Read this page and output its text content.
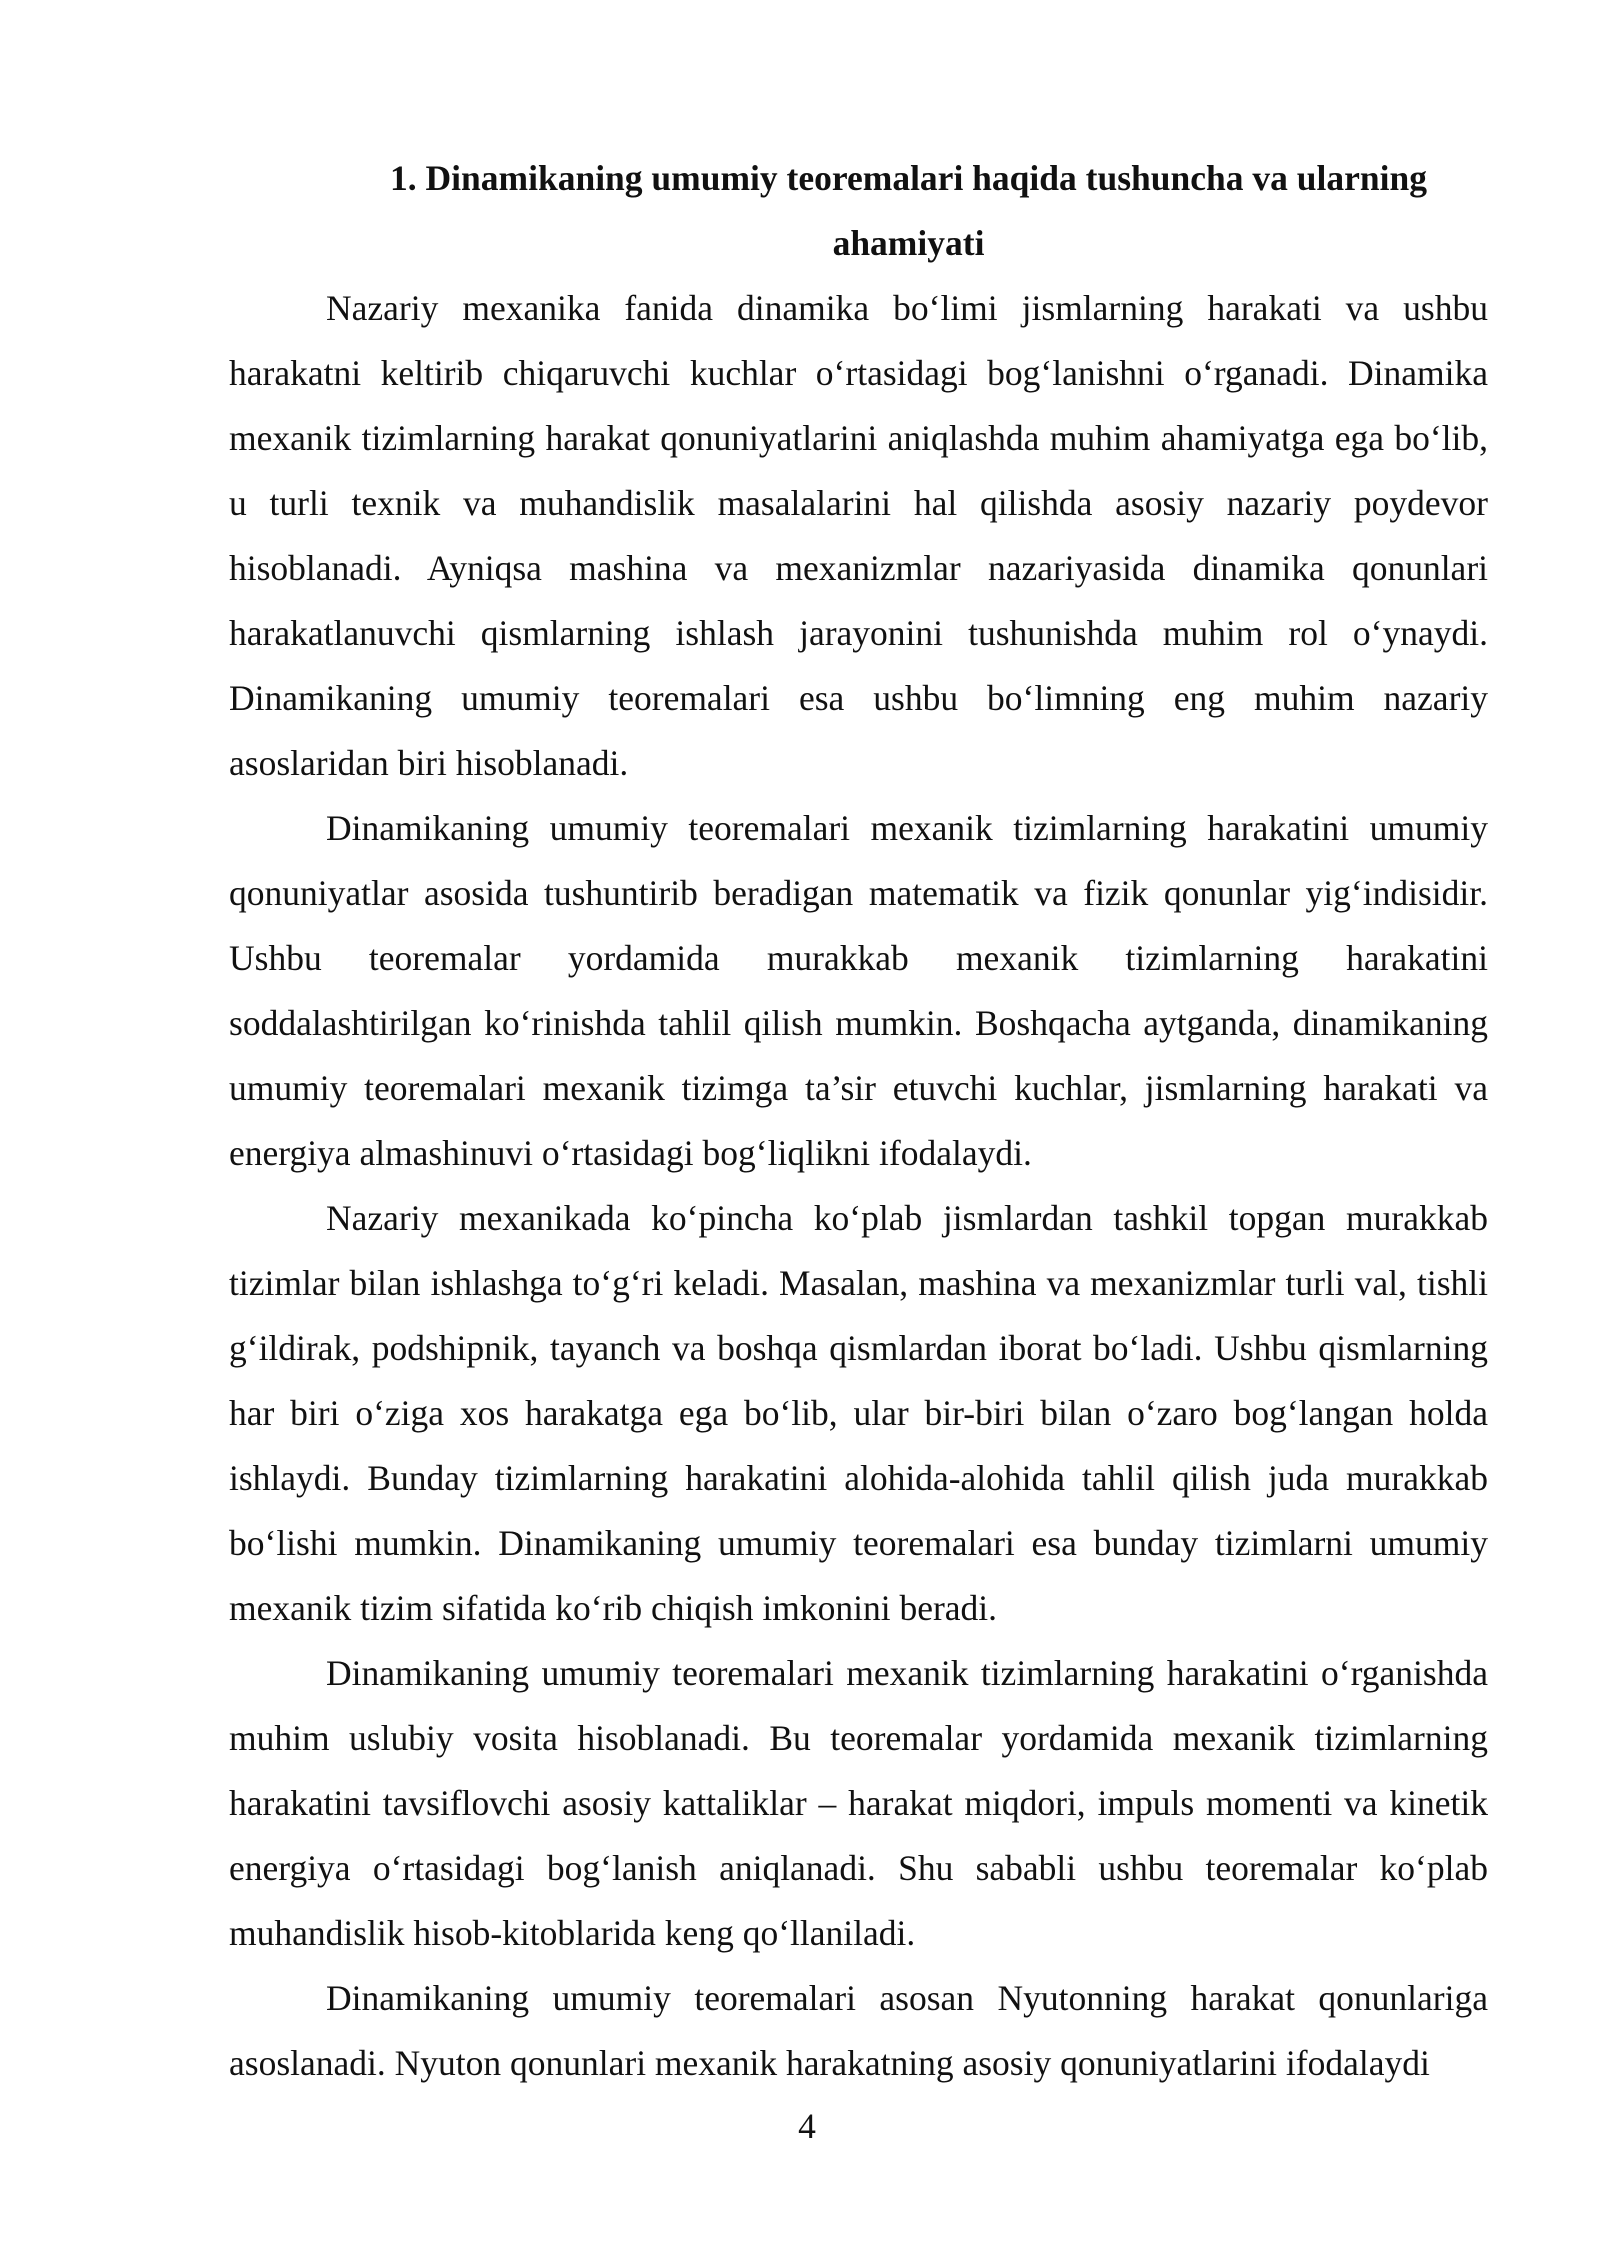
1. Dinamikaning umumiy teoremalari haqida tushuncha va ularning ahamiyati

Nazariy mexanika fanida dinamika bo‘limi jismlarning harakati va ushbu harakatni keltirib chiqaruvchi kuchlar o‘rtasidagi bog‘lanishni o‘rganadi. Dinamika mexanik tizimlarning harakat qonuniyatlarini aniqlashda muhim ahamiyatga ega bo‘lib, u turli texnik va muhandislik masalalarini hal qilishda asosiy nazariy poydevor hisoblanadi. Ayniqsa mashina va mexanizmlar nazariyasida dinamika qonunlari harakatlanuvchi qismlarning ishlash jarayonini tushunishda muhim rol o‘ynaydi. Dinamikaning umumiy teoremalari esa ushbu bo‘limning eng muhim nazariy asoslaridan biri hisoblanadi.

Dinamikaning umumiy teoremalari mexanik tizimlarning harakatini umumiy qonuniyatlar asosida tushuntirib beradigan matematik va fizik qonunlar yig‘indisidir. Ushbu teoremalar yordamida murakkab mexanik tizimlarning harakatini soddalashtirilgan ko‘rinishda tahlil qilish mumkin. Boshqacha aytganda, dinamikaning umumiy teoremalari mexanik tizimga ta’sir etuvchi kuchlar, jismlarning harakati va energiya almashinuvi o‘rtasidagi bog‘liqlikni ifodalaydi.

Nazariy mexanikada ko‘pincha ko‘plab jismlardan tashkil topgan murakkab tizimlar bilan ishlashga to‘g‘ri keladi. Masalan, mashina va mexanizmlar turli val, tishli g‘ildirak, podshipnik, tayanch va boshqa qismlardan iborat bo‘ladi. Ushbu qismlarning har biri o‘ziga xos harakatga ega bo‘lib, ular bir-biri bilan o‘zaro bog‘langan holda ishlaydi. Bunday tizimlarning harakatini alohida-alohida tahlil qilish juda murakkab bo‘lishi mumkin. Dinamikaning umumiy teoremalari esa bunday tizimlarni umumiy mexanik tizim sifatida ko‘rib chiqish imkonini beradi.

Dinamikaning umumiy teoremalari mexanik tizimlarning harakatini o‘rganishda muhim uslubiy vosita hisoblanadi. Bu teoremalar yordamida mexanik tizimlarning harakatini tavsiflovchi asosiy kattaliklar – harakat miqdori, impuls momenti va kinetik energiya o‘rtasidagi bog‘lanish aniqlanadi. Shu sababli ushbu teoremalar ko‘plab muhandislik hisob-kitoblarida keng qo‘llaniladi.

Dinamikaning umumiy teoremalari asosan Nyutonning harakat qonunlariga asoslanadi. Nyuton qonunlari mexanik harakatning asosiy qonuniyatlarini ifodalaydi

4
